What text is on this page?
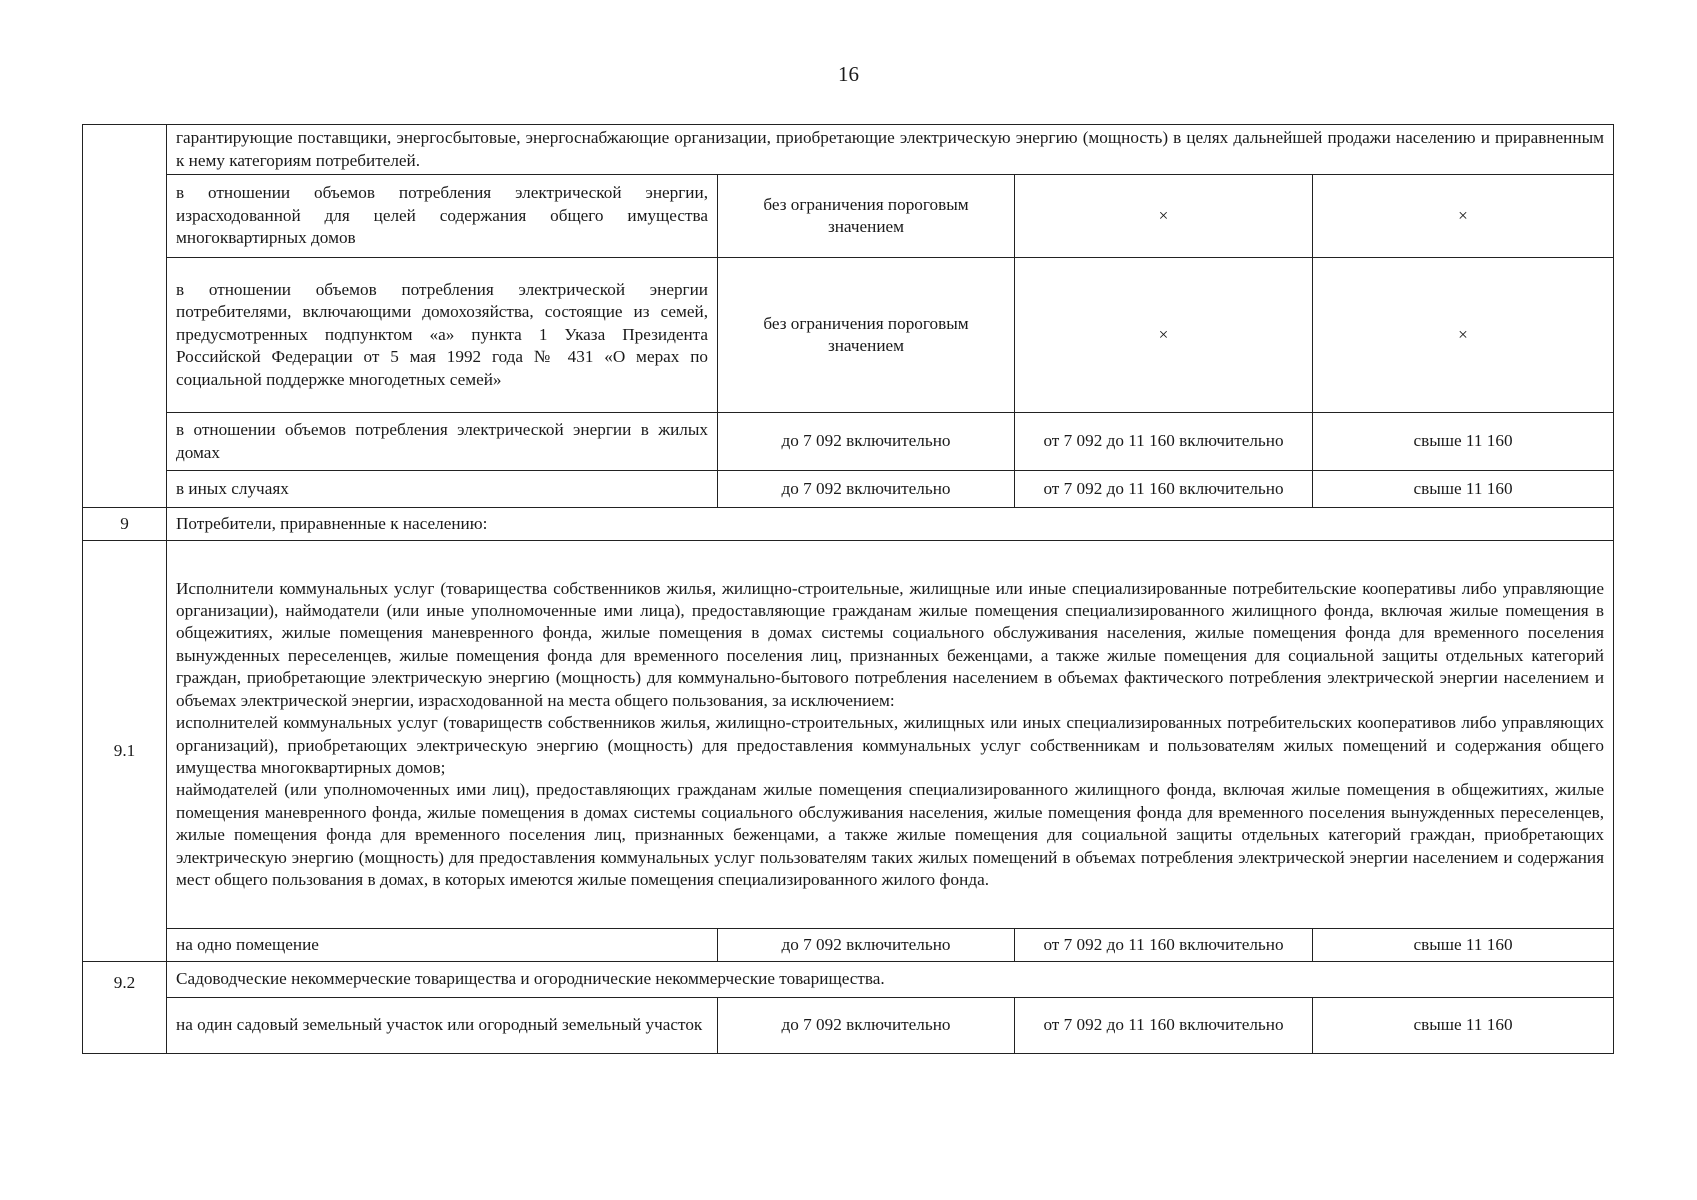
16
	гарантирующие поставщики, энергосбытовые, энергоснабжающие организации, приобретающие электрическую энергию (мощность) в целях дальнейшей продажи населению и приравненным к нему категориям потребителей.			
	в отношении объемов потребления электрической энергии, израсходованной для целей содержания общего имущества многоквартирных домов	без ограничения пороговым значением	×	×
	в отношении объемов потребления электрической энергии потребителями, включающими домохозяйства, состоящие из семей, предусмотренных подпунктом «а» пункта 1 Указа Президента Российской Федерации от 5 мая 1992 года № 431 «О мерах по социальной поддержке многодетных семей»	без ограничения пороговым значением	×	×
	в отношении объемов потребления электрической энергии в жилых домах	до 7 092 включительно	от 7 092 до 11 160 включительно	свыше 11 160
	в иных случаях	до 7 092 включительно	от 7 092 до 11 160 включительно	свыше 11 160
9	Потребители, приравненные к населению:			
9.1	Исполнители коммунальных услуг (товарищества собственников жилья, жилищно-строительные, жилищные или иные специализированные потребительские кооперативы либо управляющие организации), наймодатели (или иные уполномоченные ими лица), предоставляющие гражданам жилые помещения специализированного жилищного фонда, включая жилые помещения в общежитиях, жилые помещения маневренного фонда, жилые помещения в домах системы социального обслуживания населения, жилые помещения фонда для временного поселения вынужденных переселенцев, жилые помещения фонда для временного поселения лиц, признанных беженцами, а также жилые помещения для социальной защиты отдельных категорий граждан, приобретающие электрическую энергию (мощность) для коммунально-бытового потребления населением в объемах фактического потребления электрической энергии населением и объемах электрической энергии, израсходованной на места общего пользования, за исключением:
исполнителей коммунальных услуг (товариществ собственников жилья, жилищно-строительных, жилищных или иных специализированных потребительских кооперативов либо управляющих организаций), приобретающих электрическую энергию (мощность) для предоставления коммунальных услуг собственникам и пользователям жилых помещений и содержания общего имущества многоквартирных домов;
наймодателей (или уполномоченных ими лиц), предоставляющих гражданам жилые помещения специализированного жилищного фонда, включая жилые помещения в общежитиях, жилые помещения маневренного фонда, жилые помещения в домах системы социального обслуживания населения, жилые помещения фонда для временного поселения вынужденных переселенцев, жилые помещения фонда для временного поселения лиц, признанных беженцами, а также жилые помещения для социальной защиты отдельных категорий граждан, приобретающих электрическую энергию (мощность) для предоставления коммунальных услуг пользователям таких жилых помещений в объемах потребления электрической энергии населением и содержания мест общего пользования в домах, в которых имеются жилые помещения специализированного жилого фонда.			

	на одно помещение	до 7 092 включительно	от 7 092 до 11 160 включительно	свыше 11 160
9.2	Садоводческие некоммерческие товарищества и огороднические некоммерческие товарищества.			
	на один садовый земельный участок или огородный земельный участок	до 7 092 включительно	от 7 092 до 11 160 включительно	свыше 11 160
